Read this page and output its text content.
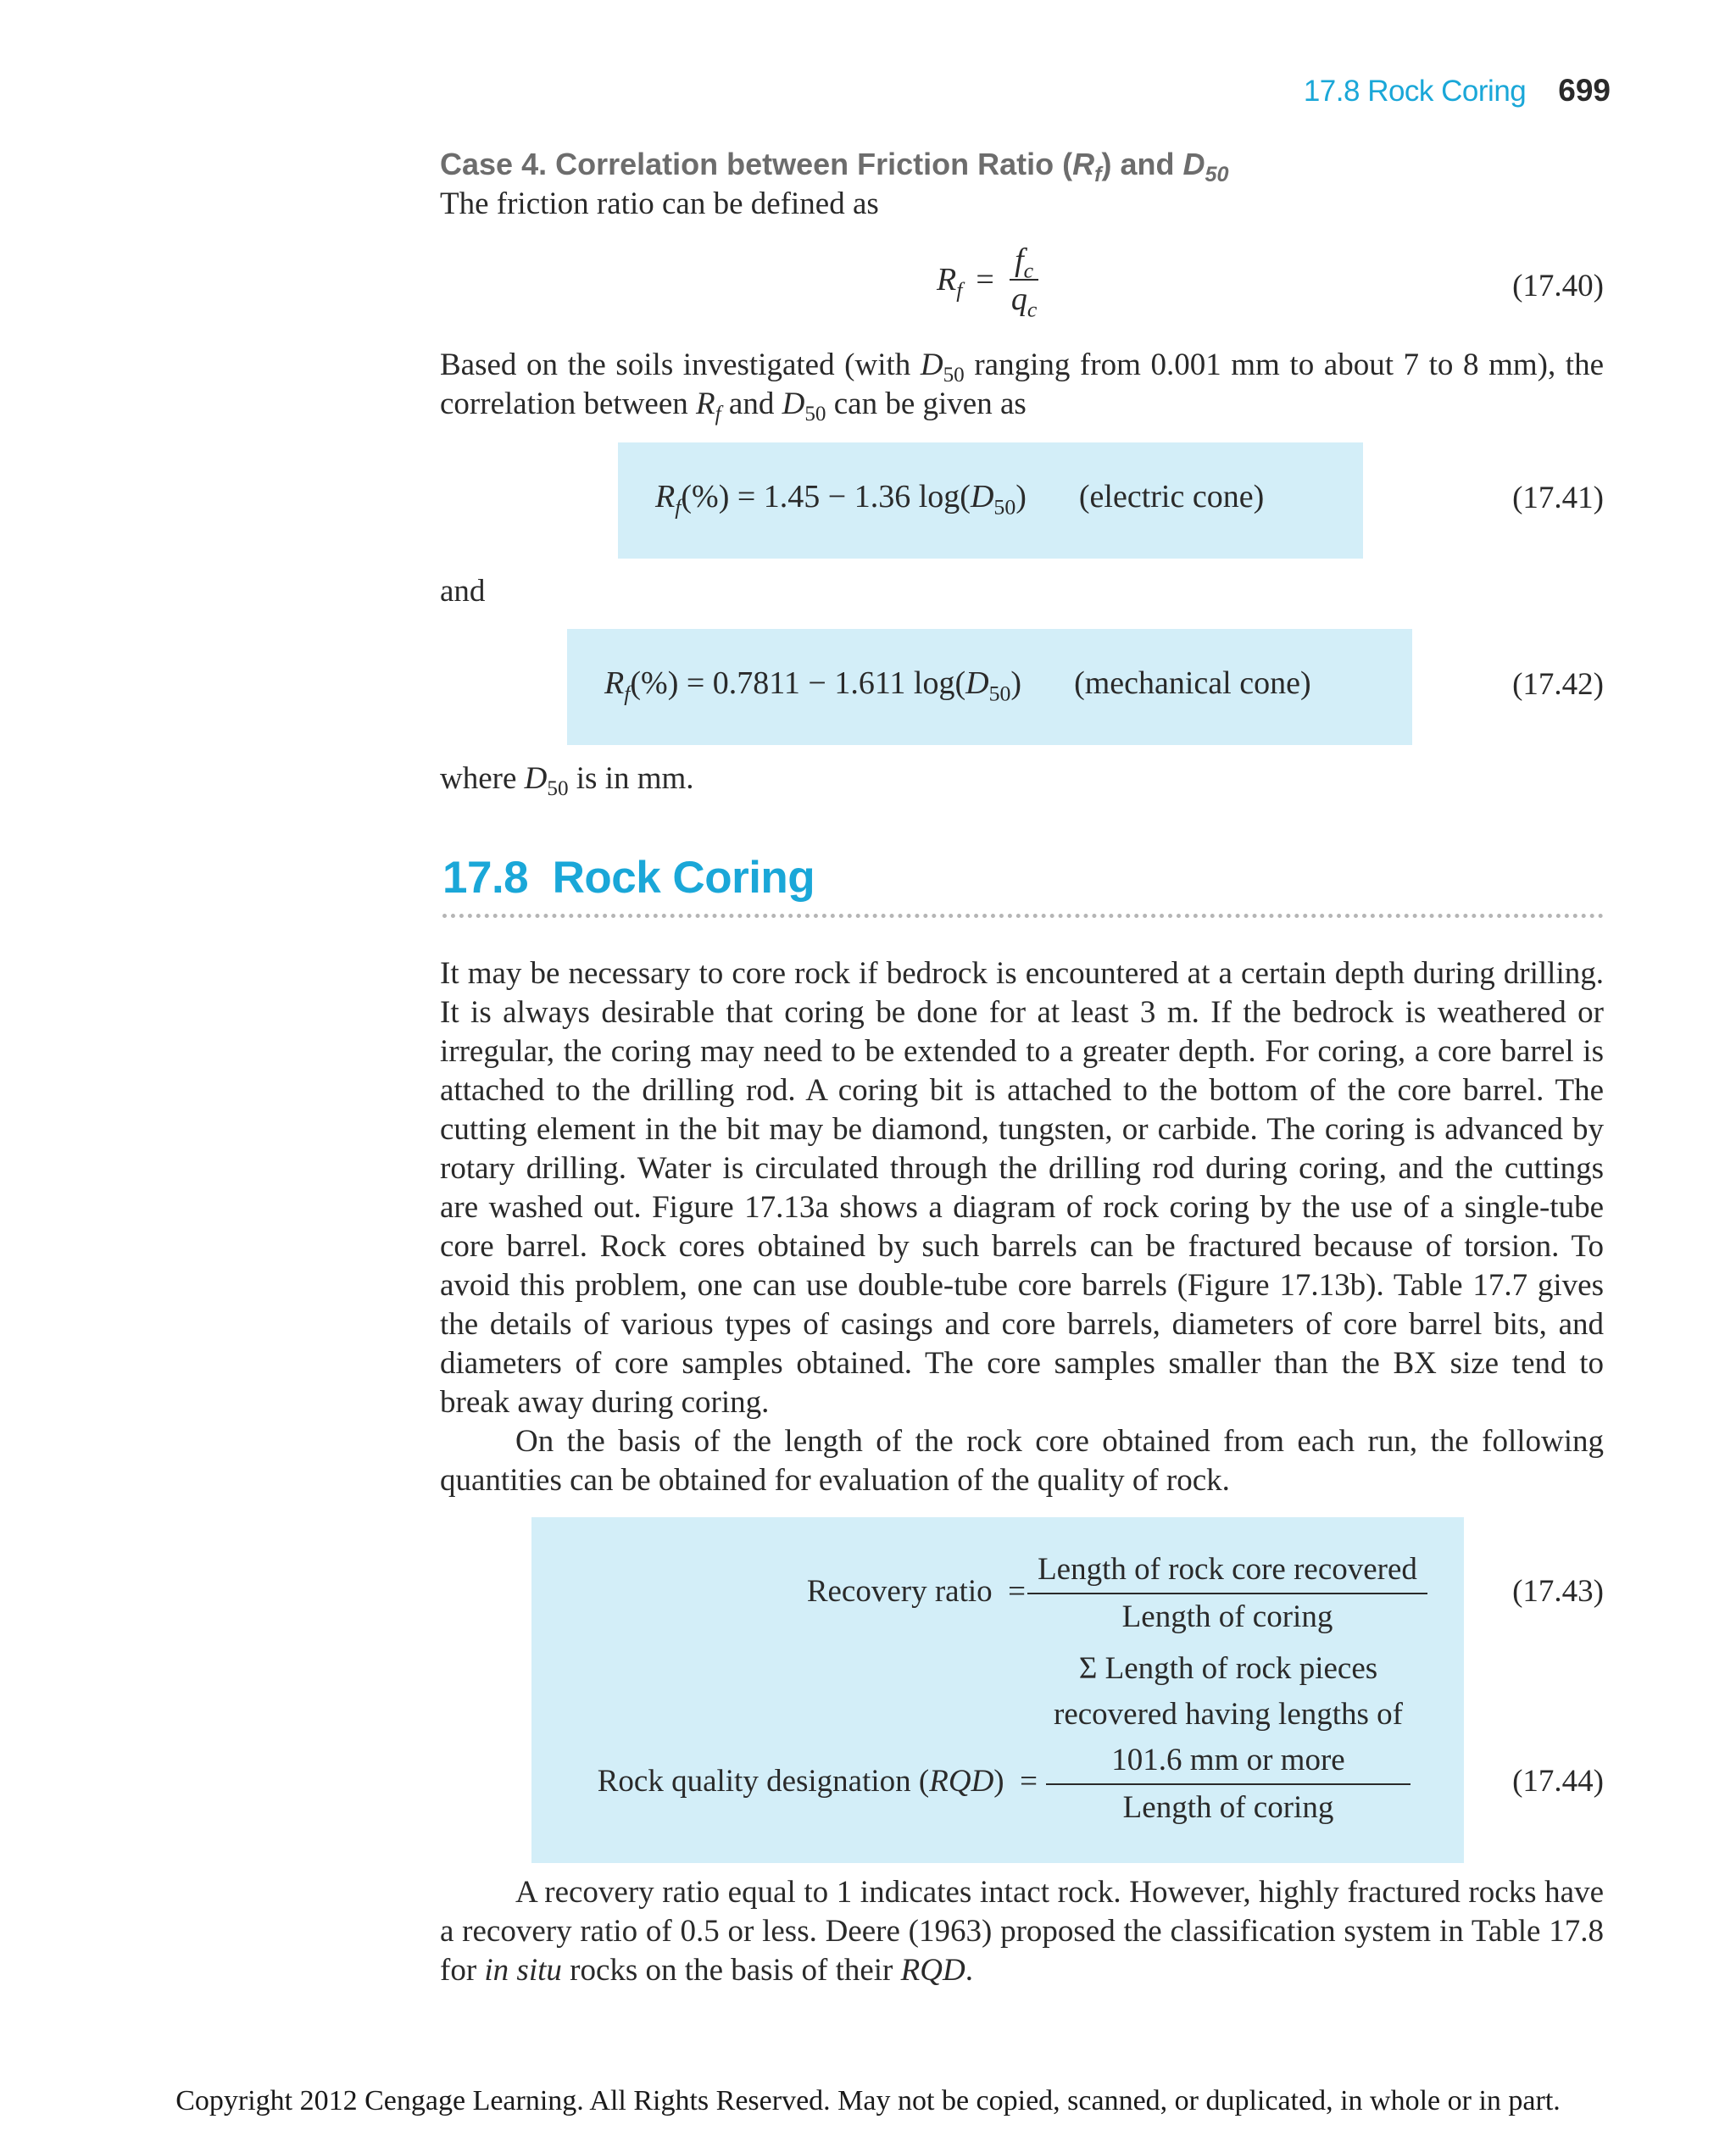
17.8 Rock Coring 699
Case 4. Correlation between Friction Ratio $(R_f)$ and $D_{50}$
The friction ratio can be defined as
$R_f = \frac{f_c}{q_c}$	(17.40)
Based on the soils investigated (with $D_{50}$ ranging from 0.001 mm to about 7 to 8 mm), the correlation between $R_f$ and $D_{50}$ can be given as
$R_f(\%) = 1.45 - 1.36$ $\log(D_{50})$ (electric cone)	(17.41)
and
$R_f(\%) = 0.7811 - 1.611$ $\log(D_{50})$ (mechanical cone)	(17.42)
where $D_{50}$ is in mm.
17.8  Rock Coring

It may be necessary to core rock if bedrock is encountered at a certain depth during drilling. It is always desirable that coring be done for at least 3 m. If the bedrock is weathered or irregular, the coring may need to be extended to a greater depth. For coring, a core barrel is attached to the drilling rod. A coring bit is attached to the bottom of the core barrel. The cutting element in the bit may be diamond, tungsten, or carbide. The coring is advanced by rotary drilling. Water is circulated through the drilling rod during coring, and the cuttings are washed out. Figure 17.13a shows a diagram of rock coring by the use of a single-tube core barrel. Rock cores obtained by such barrels can be fractured because of torsion. To avoid this problem, one can use double-tube core barrels (Figure 17.13b). Table 17.7 gives the details of various types of casings and core barrels, diameters of core barrel bits, and diameters of core samples obtained. The core samples smaller than the BX size tend to break away during coring.

On the basis of the length of the rock core obtained from each run, the following quantities can be obtained for evaluation of the quality of rock.

Recovery ratio  =
Length of rock core recovered
Length of coring
(17.43)
Rock quality designation (RQD)  =
Σ Length of rock pieces
recovered having lengths of
101.6 mm or more
Length of coring
(17.44)

A recovery ratio equal to 1 indicates intact rock. However, highly fractured rocks have a recovery ratio of 0.5 or less. Deere (1963) proposed the classification system in Table 17.8 for in situ rocks on the basis of their RQD.

Copyright 2012 Cengage Learning. All Rights Reserved. May not be copied, scanned, or duplicated, in whole or in part.
